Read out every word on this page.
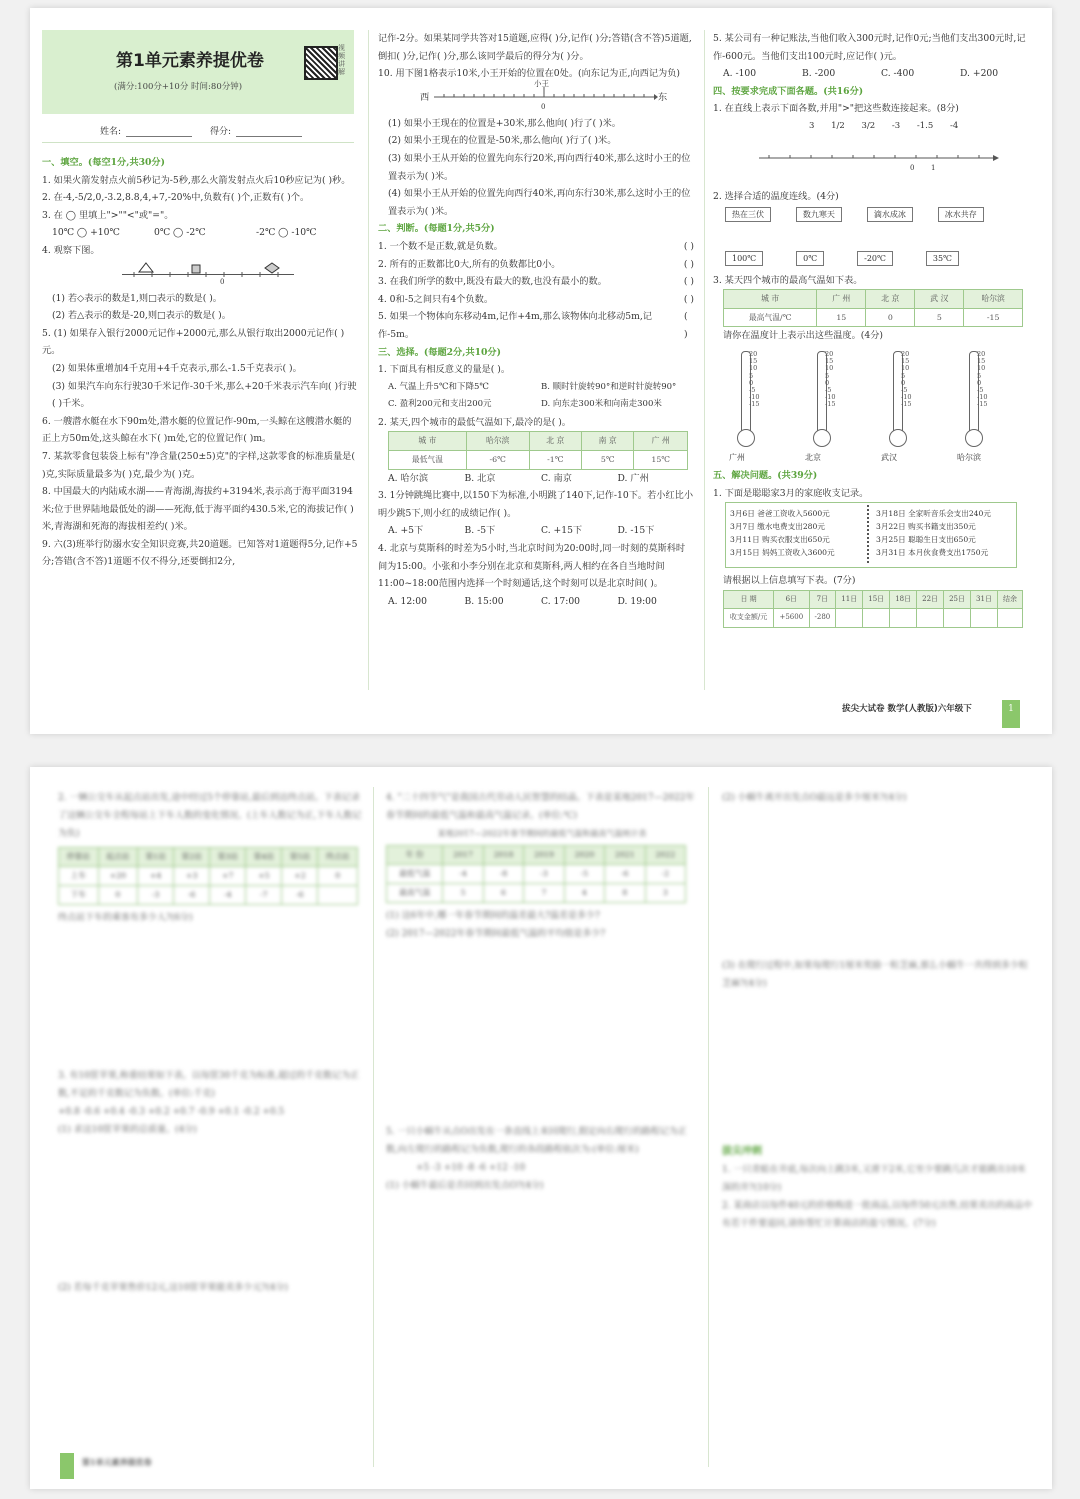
第1单元素养提优卷
(满分:100分+10分 时间:80分钟)
视频讲解
姓名:	得分:
一、填空。(每空1分,共30分)
1. 如果火箭发射点火前5秒记为-5秒,那么火箭发射点火后10秒应记为( )秒。
2. 在-4,-5/2,0,-3.2,8.8,4,+7,-20%中,负数有( )个,正数有( )个。
3. 在 ◯ 里填上">""<"或"="。
10℃ ◯ +10℃	0℃ ◯ -2℃	-2℃ ◯ -10℃
4. 观察下图。
0
(1) 若◇表示的数是1,则□表示的数是( )。
(2) 若△表示的数是-20,则□表示的数是( )。
5. (1) 如果存入银行2000元记作+2000元,那么从银行取出2000元记作( )元。
(2) 如果体重增加4千克用+4千克表示,那么-1.5千克表示( )。
(3) 如果汽车向东行驶30千米记作-30千米,那么+20千米表示汽车向( )行驶( )千米。
6. 一艘潜水艇在水下90m处,潜水艇的位置记作-90m,一头鲸在这艘潜水艇的正上方50m处,这头鲸在水下( )m处,它的位置记作( )m。
7. 某款零食包装袋上标有"净含量(250±5)克"的字样,这款零食的标准质量是( )克,实际质量最多为( )克,最少为( )克。
8. 中国最大的内陆咸水湖——青海湖,海拔约+3194米,表示高于海平面3194米;位于世界陆地最低处的湖——死海,低于海平面约430.5米,它的海拔记作( )米,青海湖和死海的海拔相差约( )米。
9. 六(3)班举行防溺水安全知识竞赛,共20道题。已知答对1道题得5分,记作+5分;答错(含不答)1道题不仅不得分,还要倒扣2分,
记作-2分。如果某同学共答对15道题,应得( )分,记作( )分;答错(含不答)5道题,倒扣( )分,记作( )分,那么该同学最后的得分为( )分。
10. 用下图1格表示10米,小王开始的位置在0处。(向东记为正,向西记为负)
西	东
小王
0
(1) 如果小王现在的位置是+30米,那么他向( )行了( )米。
(2) 如果小王现在的位置是-50米,那么他向( )行了( )米。
(3) 如果小王从开始的位置先向东行20米,再向西行40米,那么这时小王的位置表示为( )米。
(4) 如果小王从开始的位置先向西行40米,再向东行30米,那么这时小王的位置表示为( )米。
二、判断。(每题1分,共5分)
1. 一个数不是正数,就是负数。	( )
2. 所有的正数都比0大,所有的负数都比0小。	( )
3. 在我们所学的数中,既没有最大的数,也没有最小的数。	( )
4. 0和-5之间只有4个负数。	( )
5. 如果一个物体向东移动4m,记作+4m,那么该物体向北移动5m,记作-5m。
( )
三、选择。(每题2分,共10分)
1. 下面具有相反意义的量是( )。
A. 气温上升5℃和下降5℃	B. 顺时针旋转90°和逆时针旋转90°
C. 盈利200元和支出200元	D. 向东走300米和向南走300米
2. 某天,四个城市的最低气温如下,最冷的是( )。
城 市	哈尔滨	北 京	南 京	广 州
最低气温	-6℃	-1℃	5℃	15℃
A. 哈尔滨	B. 北京	C. 南京	D. 广州
3. 1分钟跳绳比赛中,以150下为标准,小明跳了140下,记作-10下。若小红比小明少跳5下,则小红的成绩记作( )。
A. +5下	B. -5下	C. +15下	D. -15下
4. 北京与莫斯科的时差为5小时,当北京时间为20:00时,同一时刻的莫斯科时间为15:00。小张和小李分别在北京和莫斯科,两人相约在各自当地时间11:00~18:00范围内选择一个时刻通话,这个时刻可以是北京时间( )。
A. 12:00	B. 15:00	C. 17:00	D. 19:00
5. 某公司有一种记账法,当他们收入300元时,记作0元;当他们支出300元时,记作-600元。当他们支出100元时,应记作( )元。
A. -100	B. -200	C. -400	D. +200
四、按要求完成下面各题。(共16分)
1. 在直线上表示下面各数,并用">"把这些数连接起来。(8分)
3 1/2 3/2 -3 -1.5 -4
0 1
2. 选择合适的温度连线。(4分)
热在三伏	数九寒天	滴水成冰	冰水共存
100℃	0℃	-20℃	35℃
3. 某天四个城市的最高气温如下表。
城 市	广 州	北 京	武 汉	哈尔滨
最高气温/℃	15	0	5	-15
请你在温度计上表示出这些温度。(4分)
20
15
10
5
0
-5
-10
-15
广州
20
15
10
5
0
-5
-10
-15
北京
20
15
10
5
0
-5
-10
-15
武汉
20
15
10
5
0
-5
-10
-15
哈尔滨
五、解决问题。(共39分)
1. 下面是聪聪家3月的家庭收支记录。
3月6日 爸爸工资收入5600元
3月7日 缴水电费支出280元
3月11日 购买衣服支出650元
3月15日 妈妈工资收入3600元
3月18日 全家听音乐会支出240元
3月22日 购买书籍支出350元
3月25日 聪聪生日支出650元
3月31日 本月伙食费支出1750元
请根据以上信息填写下表。(7分)
日 期	6日	7日	11日	15日	18日	22日	25日	31日	结余
收支金额/元	+5600	-280							
拔尖大试卷 数学(人教版)六年级下	1
2. 一辆公交车从起点站出发,途中经过5个停靠站,最后到达终点站。下表记录了这辆公交车全程每站上下车人数的变化情况。(上车人数记为正,下车人数记为负)
停靠站	起点站	第1站	第2站	第3站	第4站	第5站	终点站
上车	+20	+4	+3	+7	+5	+2	0
下车	0	-3	-6	-4	-7	-6	
终点站下车的乘客有多少人?(6分)
3. 有10筐苹果,称重结果如下表。以每筐30千克为标准,超过的千克数记为正数,不足的千克数记为负数。(单位:千克)
+0.8 -0.6 +0.4 -0.3 +0.2 +0.7 -0.9 +0.1 -0.2 +0.5
(1) 求这10筐苹果的总质量。(4分)
(2) 若每千克苹果售价12元,这10筐苹果能卖多少元?(4分)
4. "二十四节气"是我国古代劳动人民智慧的结晶。下表是某地2017—2022年春节期间的最低气温和最高气温记录。(单位:℃)
某地2017—2022年春节期间的最低气温和最高气温统计表
年 份	2017	2018	2019	2020	2021	2022
最低气温	-4	-8	-3	-5	-6	-2
最高气温	5	6	7	4	8	3
(1) 这6年中,哪一年春节期间的温差最大?温差是多少?
(2) 2017—2022年春节期间最低气温的平均值是多少?
5. 一只小蜗牛从点O出发在一条直线上来回爬行,假定向右爬行的路程记为正数,向左爬行的路程记为负数,爬行的各段路程依次为:(单位:厘米)
+5 -3 +10 -8 -6 +12 -10
(1) 小蜗牛最后是否回到出发点O?(4分)
(2) 小蜗牛离开出发点O最远是多少厘米?(4分)
(3) 在爬行过程中,如果每爬行1厘米奖励一粒芝麻,那么小蜗牛一共得到多少粒芝麻?(4分)
拔尖冲刺
1. 一只青蛙在井底,每次向上跳3米,又滑下2米,它至少要跳几次才能跳出10米深的井?(10分)
2. 某商店以每件40元的价格购进一批商品,以每件50元出售,结果卖出的商品中有若干件要退回,请你帮忙计算商店的盈亏情况。(7分)
第1单元素养提优卷
